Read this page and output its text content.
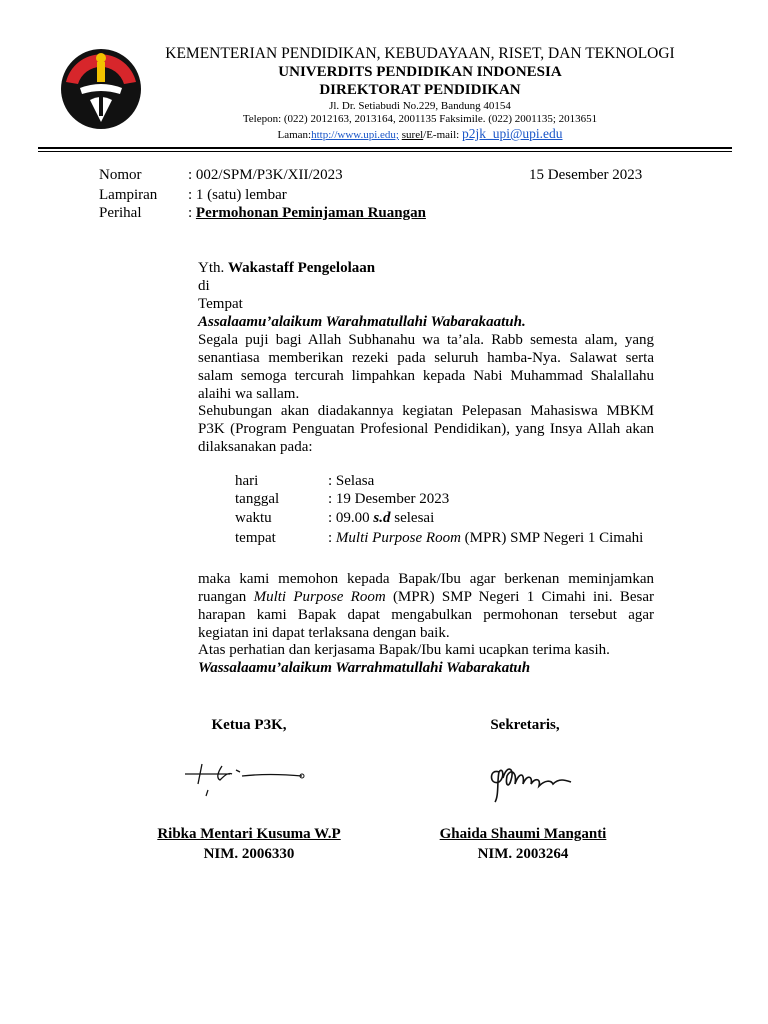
KEMENTERIAN PENDIDIKAN, KEBUDAYAAN, RISET, DAN TEKNOLOGI
UNIVERDITS PENDIDIKAN INDONESIA
DIREKTORAT PENDIDIKAN
Jl. Dr. Setiabudi No.229, Bandung 40154
Telepon: (022) 2012163, 2013164, 2001135 Faksimile. (022) 2001135; 2013651
Laman:http://www.upi.edu; surel/E-mail: p2jk_upi@upi.edu
Nomor	: 002/SPM/P3K/XII/2023	15 Desember 2023
Lampiran : 1 (satu) lembar
Perihal	: Permohonan Peminjaman Ruangan
Yth. Wakastaff Pengelolaan
di
Tempat
Assalaamu’alaikum Warahmatullahi Wabarakaatuh.
Segala puji bagi Allah Subhanahu wa ta’ala. Rabb semesta alam, yang senantiasa memberikan rezeki pada seluruh hamba-Nya. Salawat serta salam semoga tercurah limpahkan kepada Nabi Muhammad Shalallahu alaihi wa sallam.
Sehubungan akan diadakannya kegiatan Pelepasan Mahasiswa MBKM P3K (Program Penguatan Profesional Pendidikan), yang Insya Allah akan dilaksanakan pada:
hari	: Selasa
tanggal	: 19 Desember 2023
waktu	: 09.00 s.d selesai
tempat	: Multi Purpose Room (MPR) SMP Negeri 1 Cimahi
maka kami memohon kepada Bapak/Ibu agar berkenan meminjamkan ruangan Multi Purpose Room (MPR) SMP Negeri 1 Cimahi ini. Besar harapan kami Bapak dapat mengabulkan permohonan tersebut agar kegiatan ini dapat terlaksana dengan baik.
Atas perhatian dan kerjasama Bapak/Ibu kami ucapkan terima kasih.
Wassalaamu’alaikum Warrahmatullahi Wabarakatuh
Ketua P3K,	Sekretaris,
Ribka Mentari Kusuma W.P	Ghaida Shaumi Manganti
NIM. 2006330	NIM. 2003264
